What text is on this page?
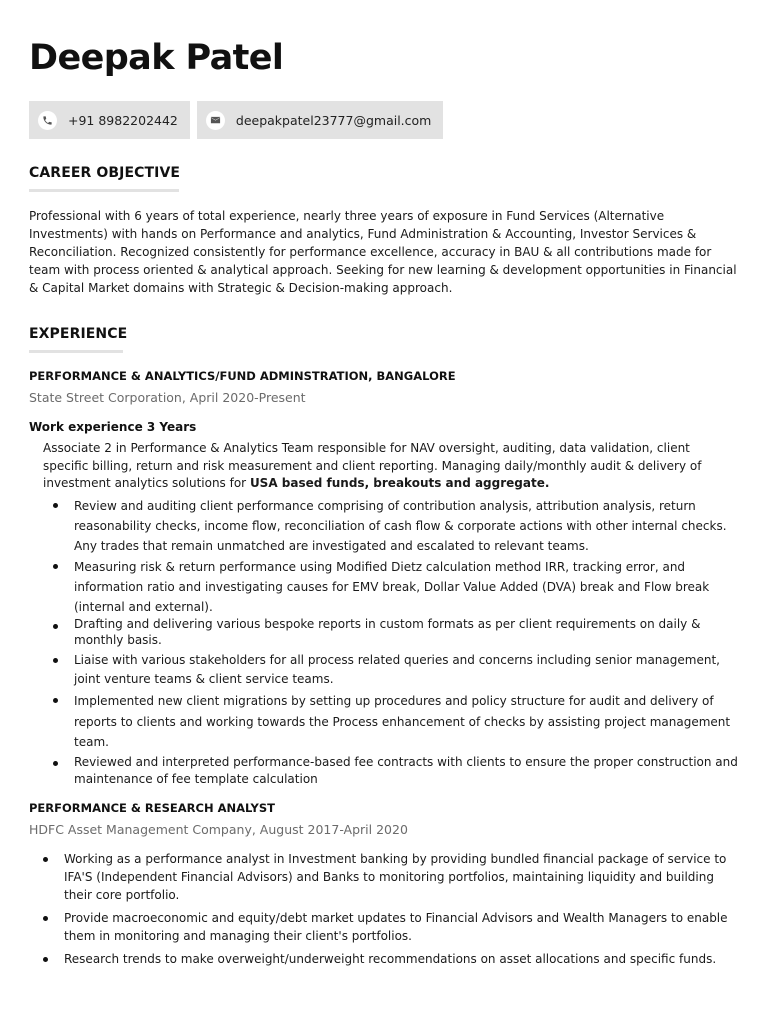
Deepak Patel
+91 8982202442	deepakpatel23777@gmail.com
CAREER OBJECTIVE
Professional with 6 years of total experience, nearly three years of exposure in Fund Services (Alternative Investments) with hands on Performance and analytics, Fund Administration & Accounting, Investor Services & Reconciliation. Recognized consistently for performance excellence, accuracy in BAU & all contributions made for team with process oriented & analytical approach. Seeking for new learning & development opportunities in Financial & Capital Market domains with Strategic & Decision-making approach.
EXPERIENCE
PERFORMANCE & ANALYTICS/FUND ADMINSTRATION, BANGALORE
State Street Corporation, April 2020-Present
Work experience 3 Years
Associate 2 in Performance & Analytics Team responsible for NAV oversight, auditing, data validation, client specific billing, return and risk measurement and client reporting. Managing daily/monthly audit & delivery of investment analytics solutions for USA based funds, breakouts and aggregate.
Review and auditing client performance comprising of contribution analysis, attribution analysis, return reasonability checks, income flow, reconciliation of cash flow & corporate actions with other internal checks. Any trades that remain unmatched are investigated and escalated to relevant teams.
Measuring risk & return performance using Modified Dietz calculation method IRR, tracking error, and information ratio and investigating causes for EMV break, Dollar Value Added (DVA) break and Flow break (internal and external).
Drafting and delivering various bespoke reports in custom formats as per client requirements on daily & monthly basis.
Liaise with various stakeholders for all process related queries and concerns including senior management, joint venture teams & client service teams.
Implemented new client migrations by setting up procedures and policy structure for audit and delivery of reports to clients and working towards the Process enhancement of checks by assisting project management team.
Reviewed and interpreted performance-based fee contracts with clients to ensure the proper construction and maintenance of fee template calculation
PERFORMANCE & RESEARCH ANALYST
HDFC Asset Management Company, August 2017-April 2020
Working as a performance analyst in Investment banking by providing bundled financial package of service to IFA'S (Independent Financial Advisors) and Banks to monitoring portfolios, maintaining liquidity and building their core portfolio.
Provide macroeconomic and equity/debt market updates to Financial Advisors and Wealth Managers to enable them in monitoring and managing their client's portfolios.
Research trends to make overweight/underweight recommendations on asset allocations and specific funds.
